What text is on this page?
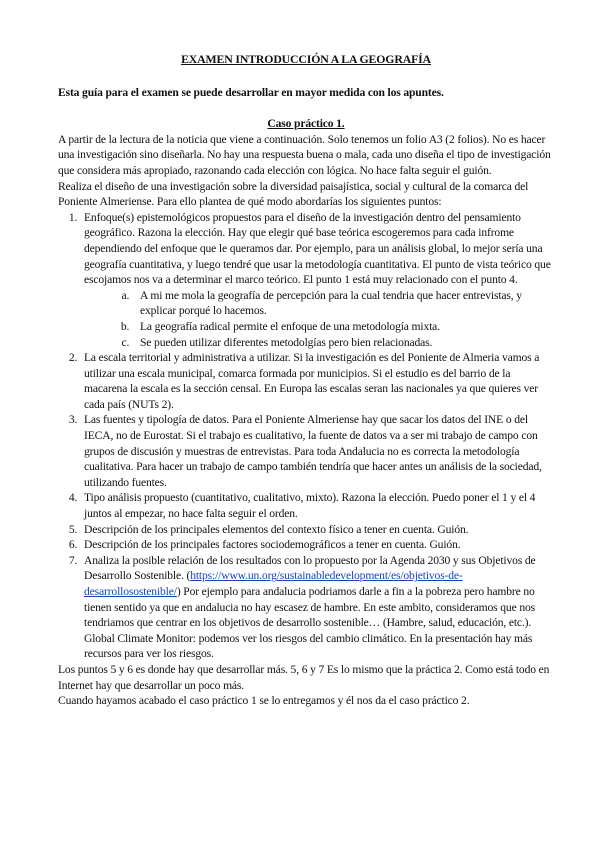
EXAMEN INTRODUCCIÓN A LA GEOGRAFÍA

Esta guía para el examen se puede desarrollar en mayor medida con los apuntes.

Caso práctico 1.

A partir de la lectura de la noticia que viene a continuación. Solo tenemos un folio A3 (2 folios). No es hacer una investigación sino diseñarla. No hay una respuesta buena o mala, cada uno diseña el tipo de investigación que considera más apropiado, razonando cada elección con lógica. No hace falta seguir el guión.

Realiza el diseño de una investigación sobre la diversidad paisajística, social y cultural de la comarca del Poniente Almeriense. Para ello plantea de qué modo abordarías los siguientes puntos:

1. Enfoque(s) epistemológicos propuestos para el diseño de la investigación dentro del pensamiento geográfico. Razona la elección. Hay que elegir qué base teórica escogeremos para cada infrome dependiendo del enfoque que le queramos dar. Por ejemplo, para un análisis global, lo mejor sería una geografía cuantitativa, y luego tendré que usar la metodología cuantitativa. El punto de vista teórico que escojamos nos va a determinar el marco teórico. El punto 1 está muy relacionado con el punto 4.
a. A mi me mola la geografía de percepción para la cual tendria que hacer entrevistas, y explicar porqué lo hacemos.
b. La geografía radical permite el enfoque de una metodología mixta.
c. Se pueden utilizar diferentes metodolgías pero bien relacionadas.
2. La escala territorial y administrativa a utilizar. Si la investigación es del Poniente de Almeria vamos a utilizar una escala municipal, comarca formada por municipios. Si el estudio es del barrio de la macarena la escala es la sección censal. En Europa las escalas seran las nacionales ya que quieres ver cada país (NUTs 2).
3. Las fuentes y tipología de datos. Para el Poniente Almeriense hay que sacar los datos del INE o del IECA, no de Eurostat. Si el trabajo es cualitativo, la fuente de datos va a ser mi trabajo de campo con grupos de discusión y muestras de entrevistas. Para toda Andalucia no es correcta la metodología cualitativa. Para hacer un trabajo de campo también tendría que hacer antes un análisis de la sociedad, utilizando fuentes.
4. Tipo análisis propuesto (cuantitativo, cualitativo, mixto). Razona la elección. Puedo poner el 1 y el 4 juntos al empezar, no hace falta seguir el orden.
5. Descripción de los principales elementos del contexto físico a tener en cuenta. Guión.
6. Descripción de los principales factores sociodemográficos a tener en cuenta. Guión.
7. Analiza la posible relación de los resultados con lo propuesto por la Agenda 2030 y sus Objetivos de Desarrollo Sostenible. (https://www.un.org/sustainabledevelopment/es/objetivos-de-desarrollosostenible/) Por ejemplo para andalucia podriamos darle a fin a la pobreza pero hambre no tienen sentido ya que en andalucia no hay escasez de hambre. En este ambito, consideramos que nos tendriamos que centrar en los objetivos de desarrollo sostenible… (Hambre, salud, educación, etc.). Global Climate Monitor: podemos ver los riesgos del cambio climático. En la presentación hay más recursos para ver los riesgos.

Los puntos 5 y 6 es donde hay que desarrollar más. 5, 6 y 7 Es lo mismo que la práctica 2. Como está todo en Internet hay que desarrollar un poco más.

Cuando hayamos acabado el caso práctico 1 se lo entregamos y él nos da el caso práctico 2.
